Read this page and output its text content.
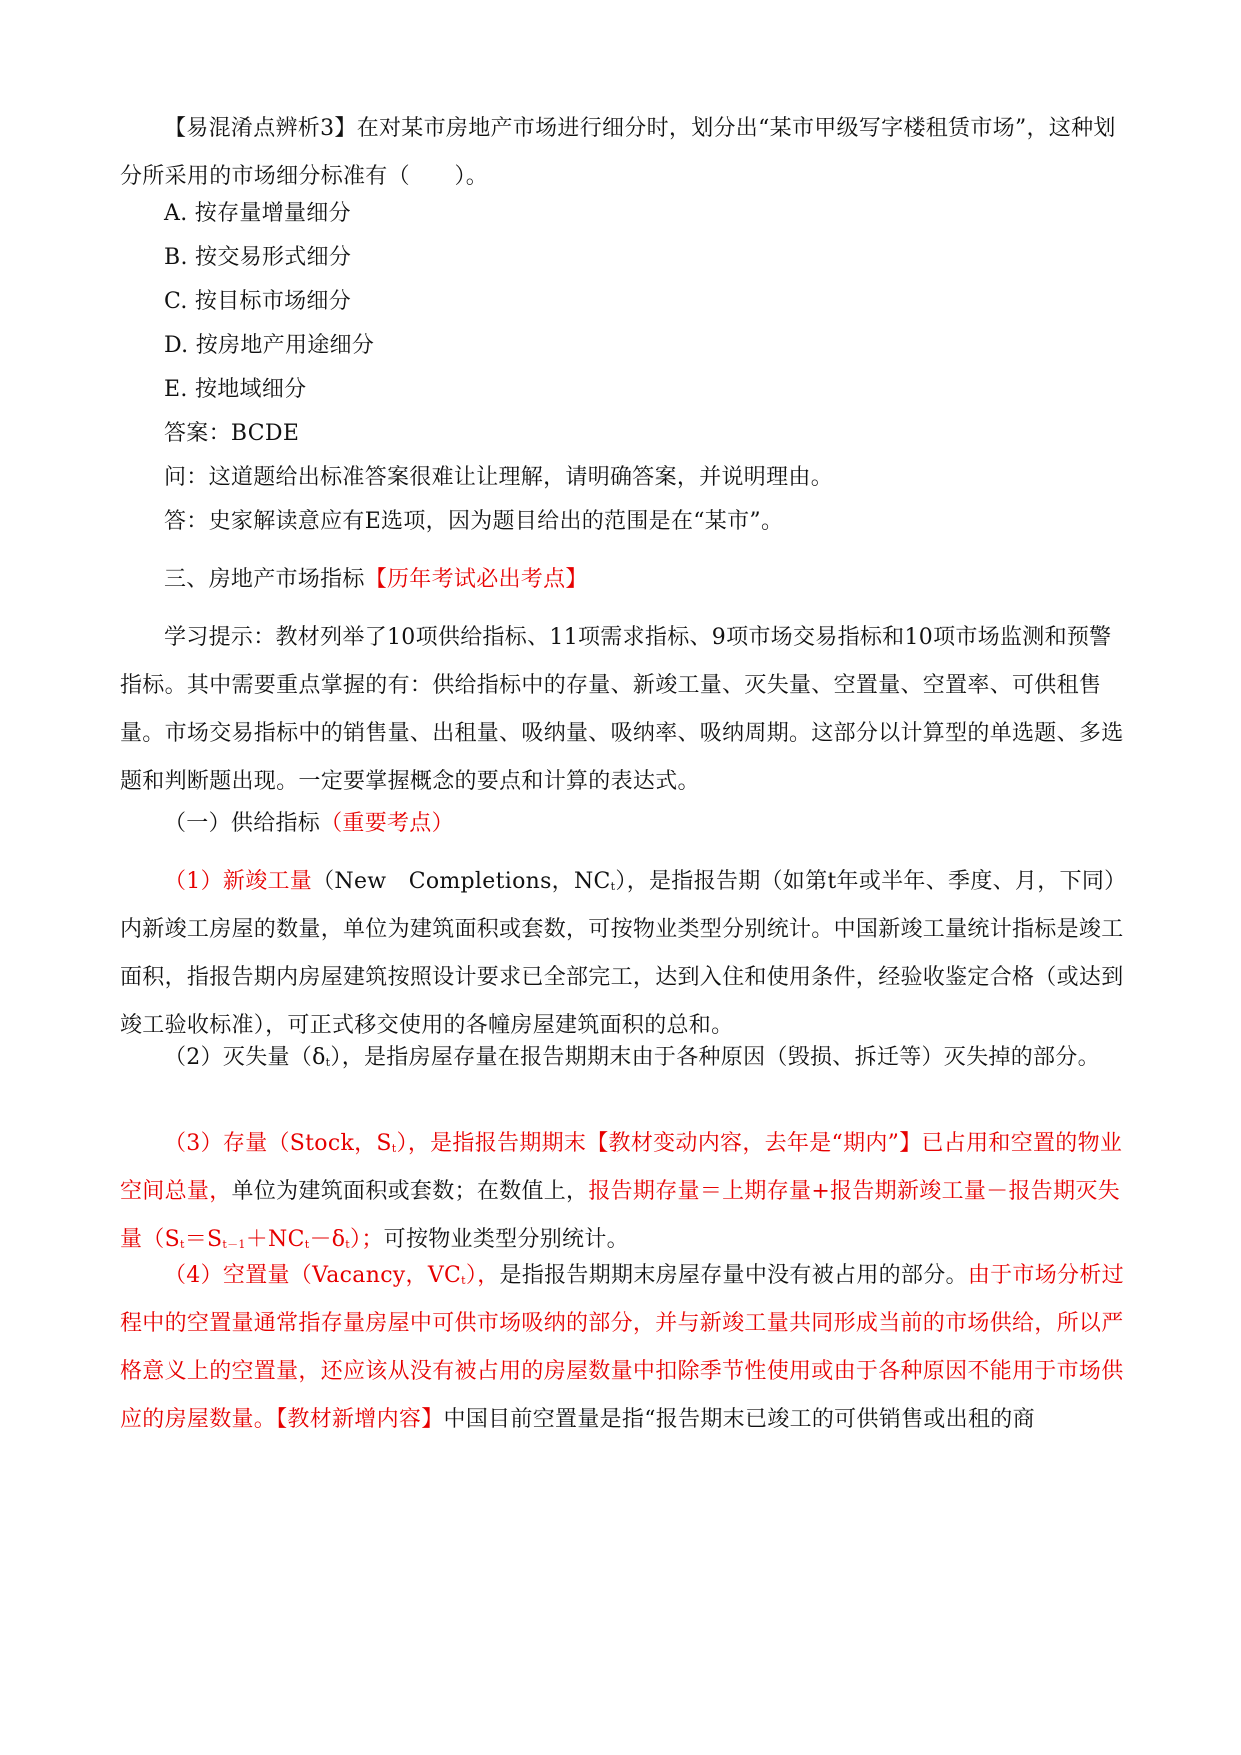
【易混淆点辨析3】在对某市房地产市场进行细分时，划分出“某市甲级写字楼租赁市场”，这种划分所采用的市场细分标准有（　　）。

A. 按存量增量细分

B. 按交易形式细分

C. 按目标市场细分

D. 按房地产用途细分

E. 按地域细分

答案：BCDE

问：这道题给出标准答案很难让让理解，请明确答案，并说明理由。

答：史家解读意应有E选项，因为题目给出的范围是在“某市”。

三、房地产市场指标【历年考试必出考点】

学习提示：教材列举了10项供给指标、11项需求指标、9项市场交易指标和10项市场监测和预警指标。其中需要重点掌握的有：供给指标中的存量、新竣工量、灭失量、空置量、空置率、可供租售量。市场交易指标中的销售量、出租量、吸纳量、吸纳率、吸纳周期。这部分以计算型的单选题、多选题和判断题出现。一定要掌握概念的要点和计算的表达式。

（一）供给指标（重要考点）

（1）新竣工量（New　Completions，$NC_t$），是指报告期（如第t年或半年、季度、月，下同）内新竣工房屋的数量，单位为建筑面积或套数，可按物业类型分别统计。中国新竣工量统计指标是竣工面积，指报告期内房屋建筑按照设计要求已全部完工，达到入住和使用条件，经验收鉴定合格（或达到竣工验收标准），可正式移交使用的各幢房屋建筑面积的总和。

（2）灭失量$(\delta_t)$，是指房屋存量在报告期期末由于各种原因（毁损、拆迁等）灭失掉的部分。

（3）存量（Stock，$S_t$），是指报告期期末【教材变动内容，去年是“期内”】已占用和空置的物业空间总量，单位为建筑面积或套数；在数值上，报告期存量＝上期存量+报告期新竣工量－报告期灭失量$(S_t=S_{t-1}+NC_t-\delta_t)$；可按物业类型分别统计。

（4）空置量（Vacancy，$VC_t$），是指报告期期末房屋存量中没有被占用的部分。由于市场分析过程中的空置量通常指存量房屋中可供市场吸纳的部分，并与新竣工量共同形成当前的市场供给，所以严格意义上的空置量，还应该从没有被占用的房屋数量中扣除季节性使用或由于各种原因不能用于市场供应的房屋数量。【教材新增内容】中国目前空置量是指“报告期末已竣工的可供销售或出租的商
